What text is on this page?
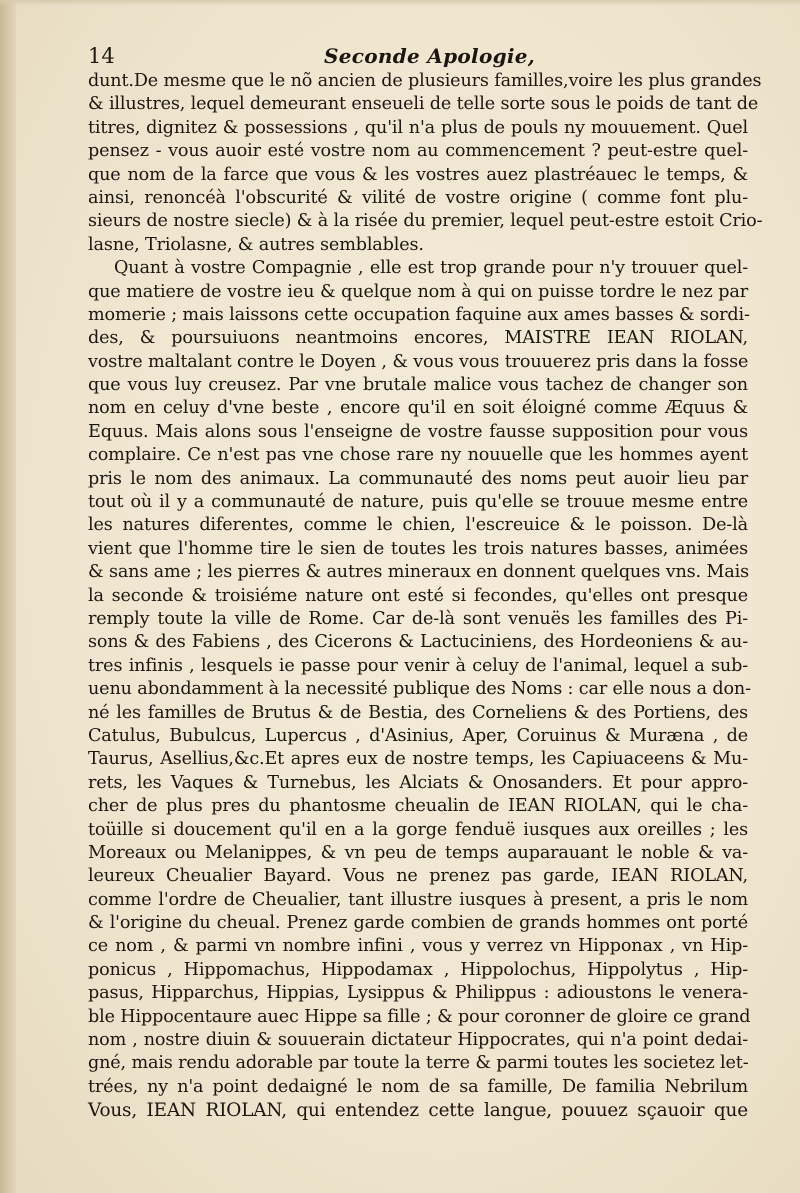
14	Seconde Apologie,
dunt.De mesme que le nõ ancien de plusieurs familles,voire les plus grandes
& illustres, lequel demeurant enseueli de telle sorte sous le poids de tant de
titres, dignitez & possessions , qu'il n'a plus de pouls ny mouuement. Quel
pensez - vous auoir esté vostre nom au commencement ? peut-estre quel-
que nom de la farce que vous & les vostres auez plastréauec le temps, &
ainsi, renoncéà l'obscurité & vilité de vostre origine ( comme font plu-
sieurs de nostre siecle) & à la risée du premier, lequel peut-estre estoit Crio-
lasne, Triolasne, & autres semblables.
Quant à vostre Compagnie , elle est trop grande pour n'y trouuer quel-
que matiere de vostre ieu & quelque nom à qui on puisse tordre le nez par
momerie ; mais laissons cette occupation faquine aux ames basses & sordi-
des, & poursuiuons neantmoins encores, MAISTRE IEAN RIOLAN,
vostre maltalant contre le Doyen , & vous vous trouuerez pris dans la fosse
que vous luy creusez. Par vne brutale malice vous tachez de changer son
nom en celuy d'vne beste , encore qu'il en soit éloigné comme Æquus &
Equus. Mais alons sous l'enseigne de vostre fausse supposition pour vous
complaire. Ce n'est pas vne chose rare ny nouuelle que les hommes ayent
pris le nom des animaux. La communauté des noms peut auoir lieu par
tout où il y a communauté de nature, puis qu'elle se trouue mesme entre
les natures diferentes, comme le chien, l'escreuice & le poisson. De-là
vient que l'homme tire le sien de toutes les trois natures basses, animées
& sans ame ; les pierres & autres mineraux en donnent quelques vns. Mais
la seconde & troisiéme nature ont esté si fecondes, qu'elles ont presque
remply toute la ville de Rome. Car de-là sont venuës les familles des Pi-
sons & des Fabiens , des Cicerons & Lactuciniens, des Hordeoniens & au-
tres infinis , lesquels ie passe pour venir à celuy de l'animal, lequel a sub-
uenu abondamment à la necessité publique des Noms : car elle nous a don-
né les familles de Brutus & de Bestia, des Corneliens & des Portiens, des
Catulus, Bubulcus, Lupercus , d'Asinius, Aper, Coruinus & Muræna , de
Taurus, Asellius,&c.Et apres eux de nostre temps, les Capiuaceens & Mu-
rets, les Vaques & Turnebus, les Alciats & Onosanders. Et pour appro-
cher de plus pres du phantosme cheualin de IEAN RIOLAN, qui le cha-
toüille si doucement qu'il en a la gorge fenduë iusques aux oreilles ; les
Moreaux ou Melanippes, & vn peu de temps auparauant le noble & va-
leureux Cheualier Bayard. Vous ne prenez pas garde, IEAN RIOLAN,
comme l'ordre de Cheualier, tant illustre iusques à present, a pris le nom
& l'origine du cheual. Prenez garde combien de grands hommes ont porté
ce nom , & parmi vn nombre infini , vous y verrez vn Hipponax , vn Hip-
ponicus , Hippomachus, Hippodamax , Hippolochus, Hippolytus , Hip-
pasus, Hipparchus, Hippias, Lysippus & Philippus : adioustons le venera-
ble Hippocentaure auec Hippe sa fille ; & pour coronner de gloire ce grand
nom , nostre diuin & souuerain dictateur Hippocrates, qui n'a point dedai-
gné, mais rendu adorable par toute la terre & parmi toutes les societez let-
trées, ny n'a point dedaigné le nom de sa famille, De familia Nebrilum
Vous, IEAN RIOLAN, qui entendez cette langue, pouuez sçauoir que
